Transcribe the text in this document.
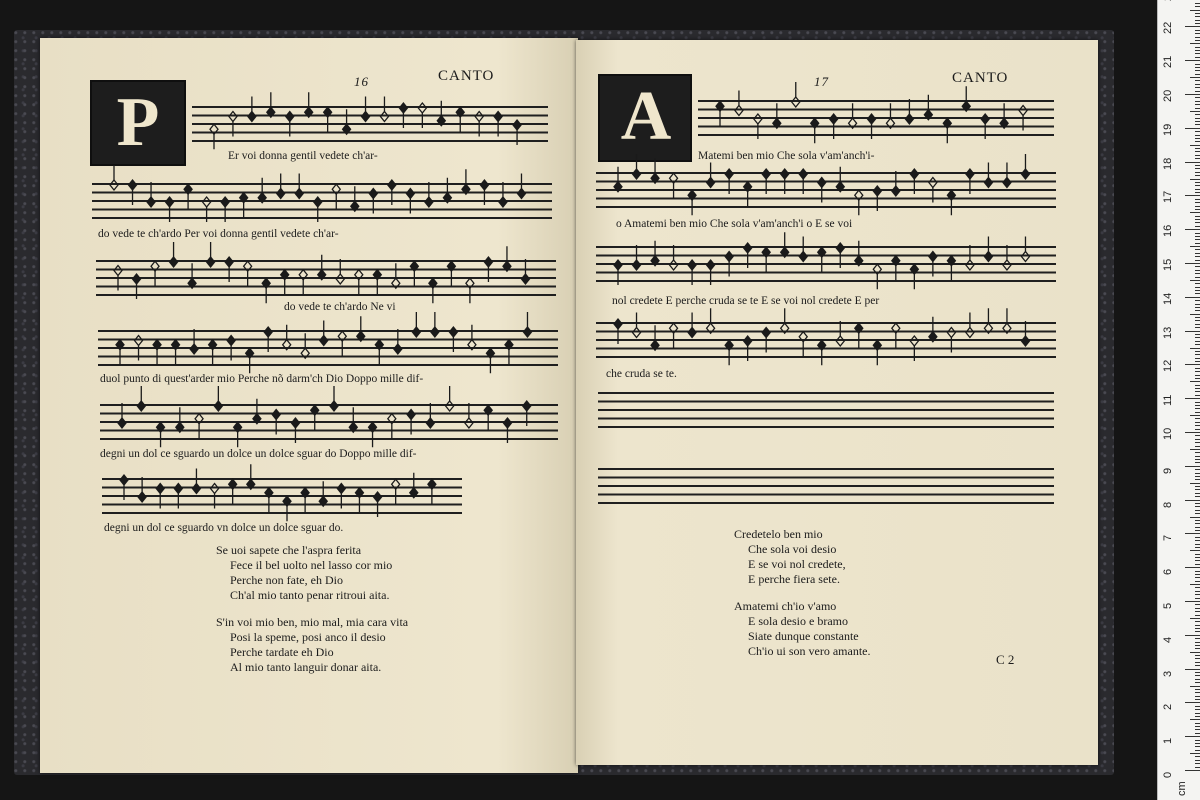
16	CANTO
P	Er voi donna gentil vedete ch'ar-
do vede te ch'ardo Per voi donna gentil vedete ch'ar-
do vede te ch'ardo Ne vi
duol punto di quest'arder mio Perche nõ darm'ch Dio Doppo mille dif-
degni un dol ce sguardo un dolce un dolce sguar do Doppo mille dif-
degni un dol ce sguardo vn dolce un dolce sguar do.
Se uoi sapete che l'aspra ferita
Fece il bel uolto nel lasso cor mio
Perche non fate, eh Dio
Ch'al mio tanto penar ritroui aita.
S'in voi mio ben, mio mal, mia cara vita
Posi la speme, posi anco il desio
Perche tardate eh Dio
Al mio tanto languir donar aita.
17	CANTO
A
Matemi ben mio Che sola v'am'anch'i-
o Amatemi ben mio Che sola v'am'anch'i o E se voi
nol credete E perche cruda se te E se voi nol credete E per
che cruda se te.
Credetelo ben mio
Che sola voi desio
E se voi nol credete,
E perche fiera sete.
Amatemi ch'io v'amo
E sola desio e bramo
Siate dunque constante
Ch'io ui son vero amante.
C 2
0
1
2
3
4
5
6
7
8
9
10
11
12
13
14
15
16
17
18
19
20
21
22
cm
